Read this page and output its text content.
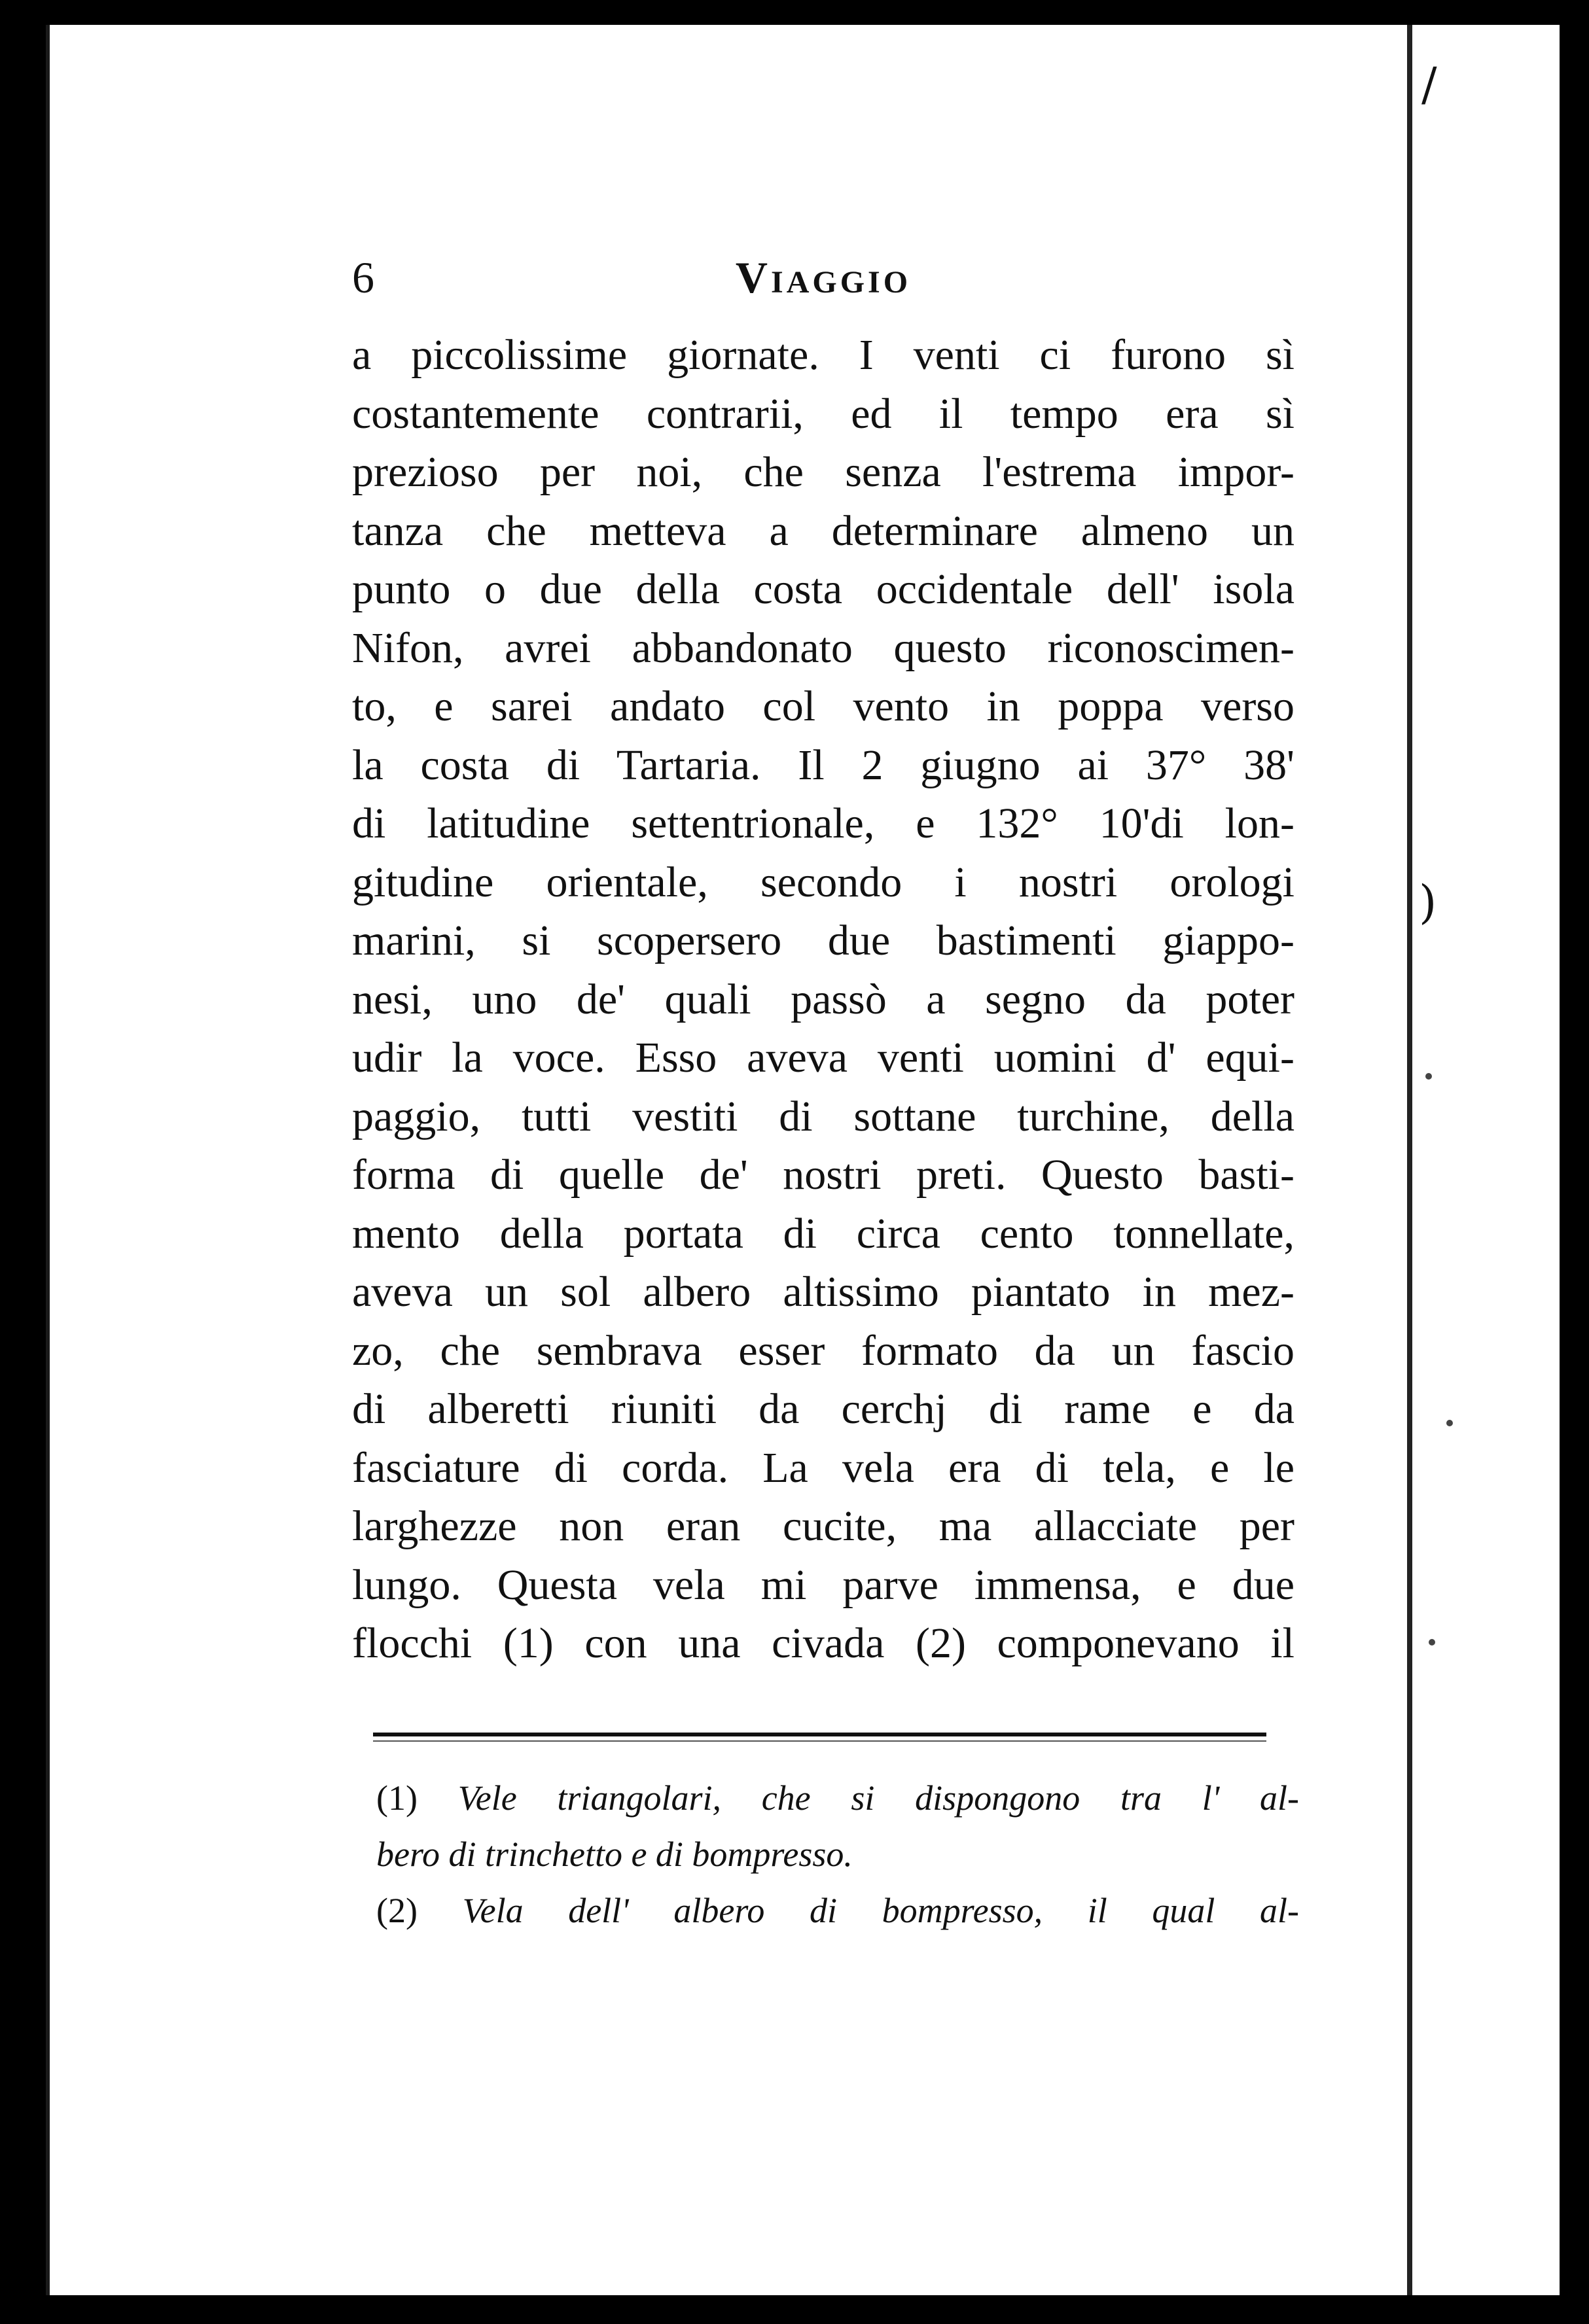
/
)
6	Viaggio
a piccolissime giornate. I venti ci furono sì
costantemente contrarii, ed il tempo era sì
prezioso per noi, che senza l'estrema impor-
tanza che metteva a determinare almeno un
punto o due della costa occidentale dell' isola
Nifon, avrei abbandonato questo riconoscimen-
to, e sarei andato col vento in poppa verso
la costa di Tartaria. Il 2 giugno ai 37° 38'
di latitudine settentrionale, e 132° 10'di lon-
gitudine orientale, secondo i nostri orologi
marini, si scopersero due bastimenti giappo-
nesi, uno de' quali passò a segno da poter
udir la voce. Esso aveva venti uomini d' equi-
paggio, tutti vestiti di sottane turchine, della
forma di quelle de' nostri preti. Questo basti-
mento della portata di circa cento tonnellate,
aveva un sol albero altissimo piantato in mez-
zo, che sembrava esser formato da un fascio
di alberetti riuniti da cerchj di rame e da
fasciature di corda. La vela era di tela, e le
larghezze non eran cucite, ma allacciate per
lungo. Questa vela mi parve immensa, e due
flocchi (1) con una civada (2) componevano il
(1) Vele triangolari, che si dispongono tra l' al-
bero di trinchetto e di bompresso.
(2) Vela dell' albero di bompresso, il qual al-
